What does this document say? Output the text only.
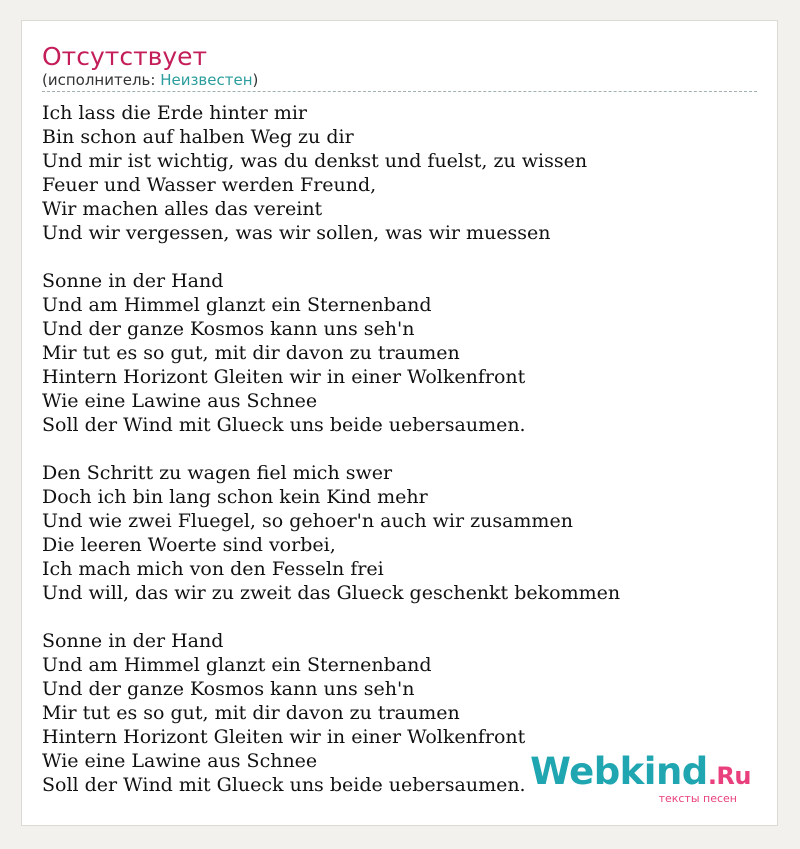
Отсутствует
(исполнитель: Неизвестен)
Ich lass die Erde hinter mir
Bin schon auf halben Weg zu dir
Und mir ist wichtig, was du denkst und fuelst, zu wissen
Feuer und Wasser werden Freund,
Wir machen alles das vereint
Und wir vergessen, was wir sollen, was wir muessen
Sonne in der Hand
Und am Himmel glanzt ein Sternenband
Und der ganze Kosmos kann uns seh'n
Mir tut es so gut, mit dir davon zu traumen
Hintern Horizont Gleiten wir in einer Wolkenfront
Wie eine Lawine aus Schnee
Soll der Wind mit Glueck uns beide uebersaumen.
Den Schritt zu wagen fiel mich swer
Doch ich bin lang schon kein Kind mehr
Und wie zwei Fluegel, so gehoer'n auch wir zusammen
Die leeren Woerte sind vorbei,
Ich mach mich von den Fesseln frei
Und will, das wir zu zweit das Glueck geschenkt bekommen
Sonne in der Hand
Und am Himmel glanzt ein Sternenband
Und der ganze Kosmos kann uns seh'n
Mir tut es so gut, mit dir davon zu traumen
Hintern Horizont Gleiten wir in einer Wolkenfront
Wie eine Lawine aus Schnee
Soll der Wind mit Glueck uns beide uebersaumen. Webkind.Ru
тексты песен
